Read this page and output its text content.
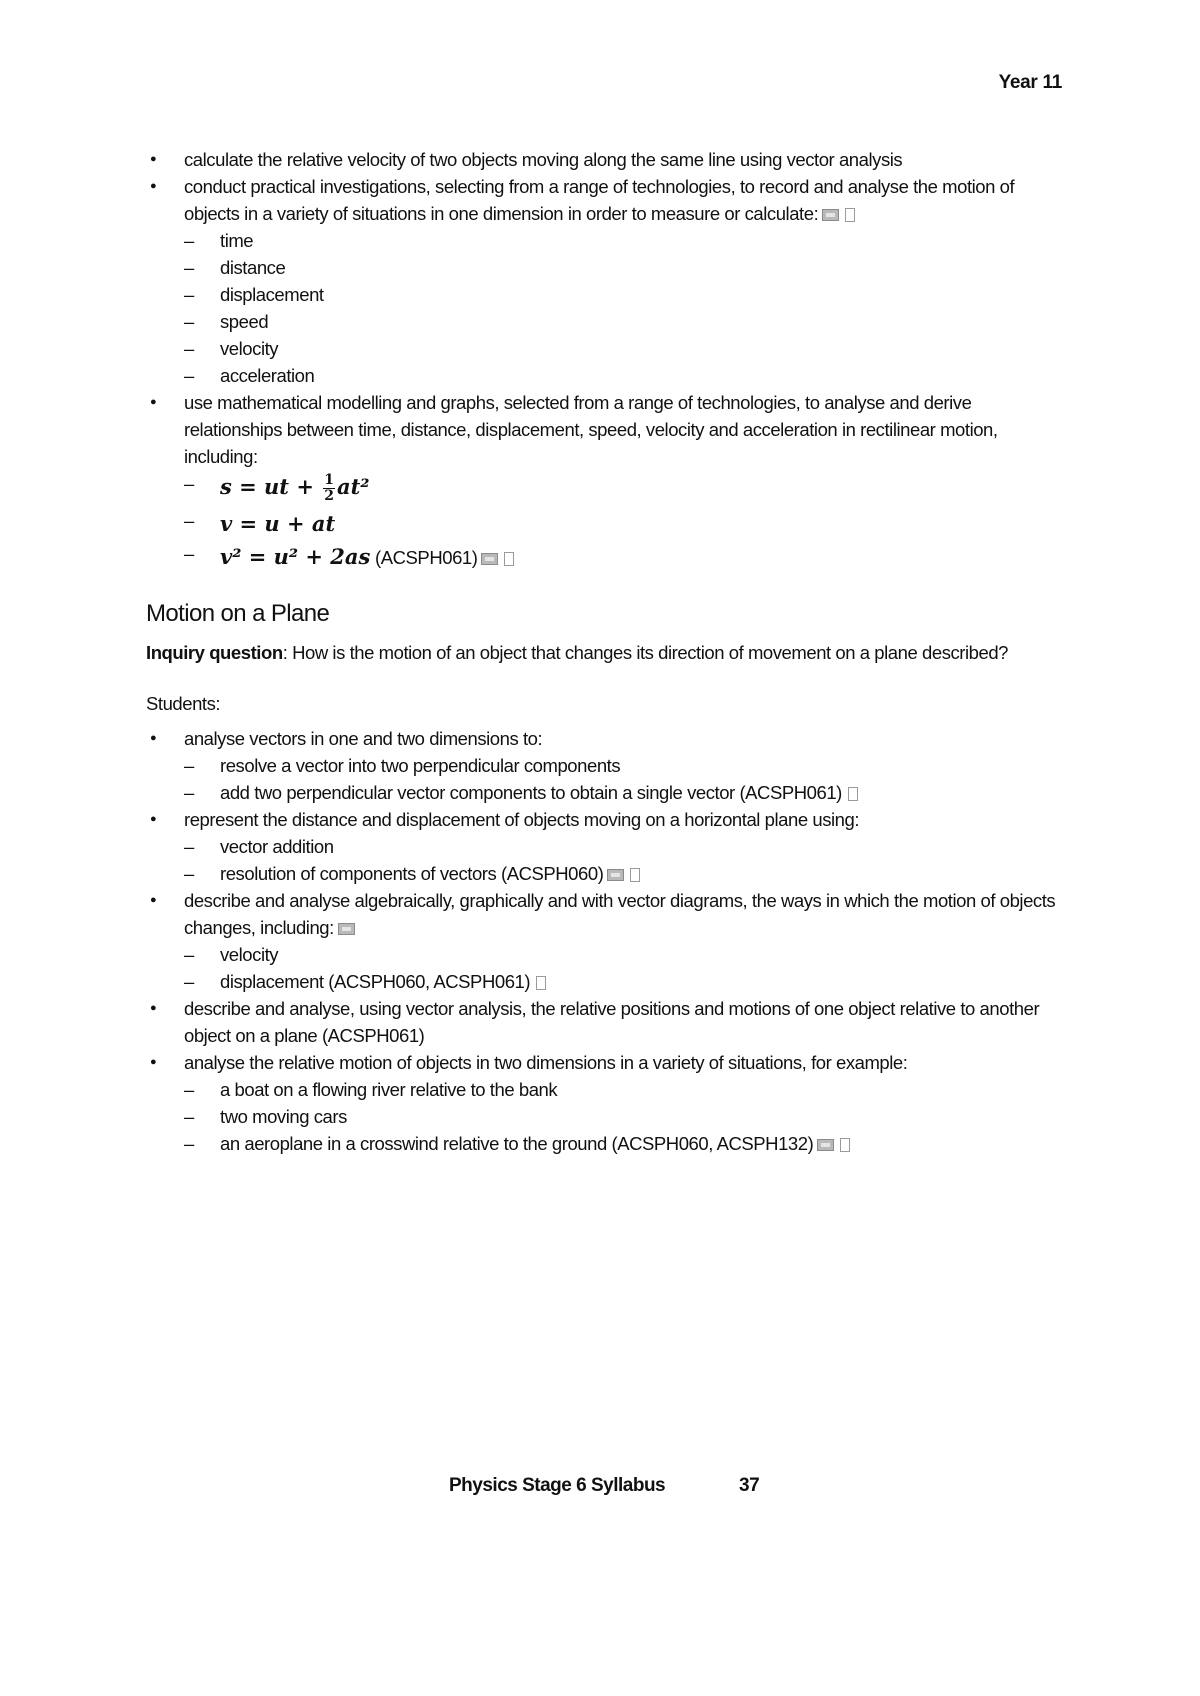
Year 11
● calculate the relative velocity of two objects moving along the same line using vector analysis
● conduct practical investigations, selecting from a range of technologies, to record and analyse the motion of objects in a variety of situations in one dimension in order to measure or calculate:
– time
– distance
– displacement
– speed
– velocity
– acceleration
● use mathematical modelling and graphs, selected from a range of technologies, to analyse and derive relationships between time, distance, displacement, speed, velocity and acceleration in rectilinear motion, including:
– s = ut + $\frac{1}{2} at^2$
– v = u + at
– v² = u² + 2as (ACSPH061)
Motion on a Plane

Inquiry question: How is the motion of an object that changes its direction of movement on a plane described?

Students:

● analyse vectors in one and two dimensions to:
– resolve a vector into two perpendicular components
– add two perpendicular vector components to obtain a single vector (ACSPH061)
● represent the distance and displacement of objects moving on a horizontal plane using:
– vector addition
– resolution of components of vectors (ACSPH060)
● describe and analyse algebraically, graphically and with vector diagrams, the ways in which the motion of objects changes, including:
– velocity
– displacement (ACSPH060, ACSPH061)
● describe and analyse, using vector analysis, the relative positions and motions of one object relative to another object on a plane (ACSPH061)
● analyse the relative motion of objects in two dimensions in a variety of situations, for example:
– a boat on a flowing river relative to the bank
– two moving cars
– an aeroplane in a crosswind relative to the ground (ACSPH060, ACSPH132)
Physics Stage 6 Syllabus	37
